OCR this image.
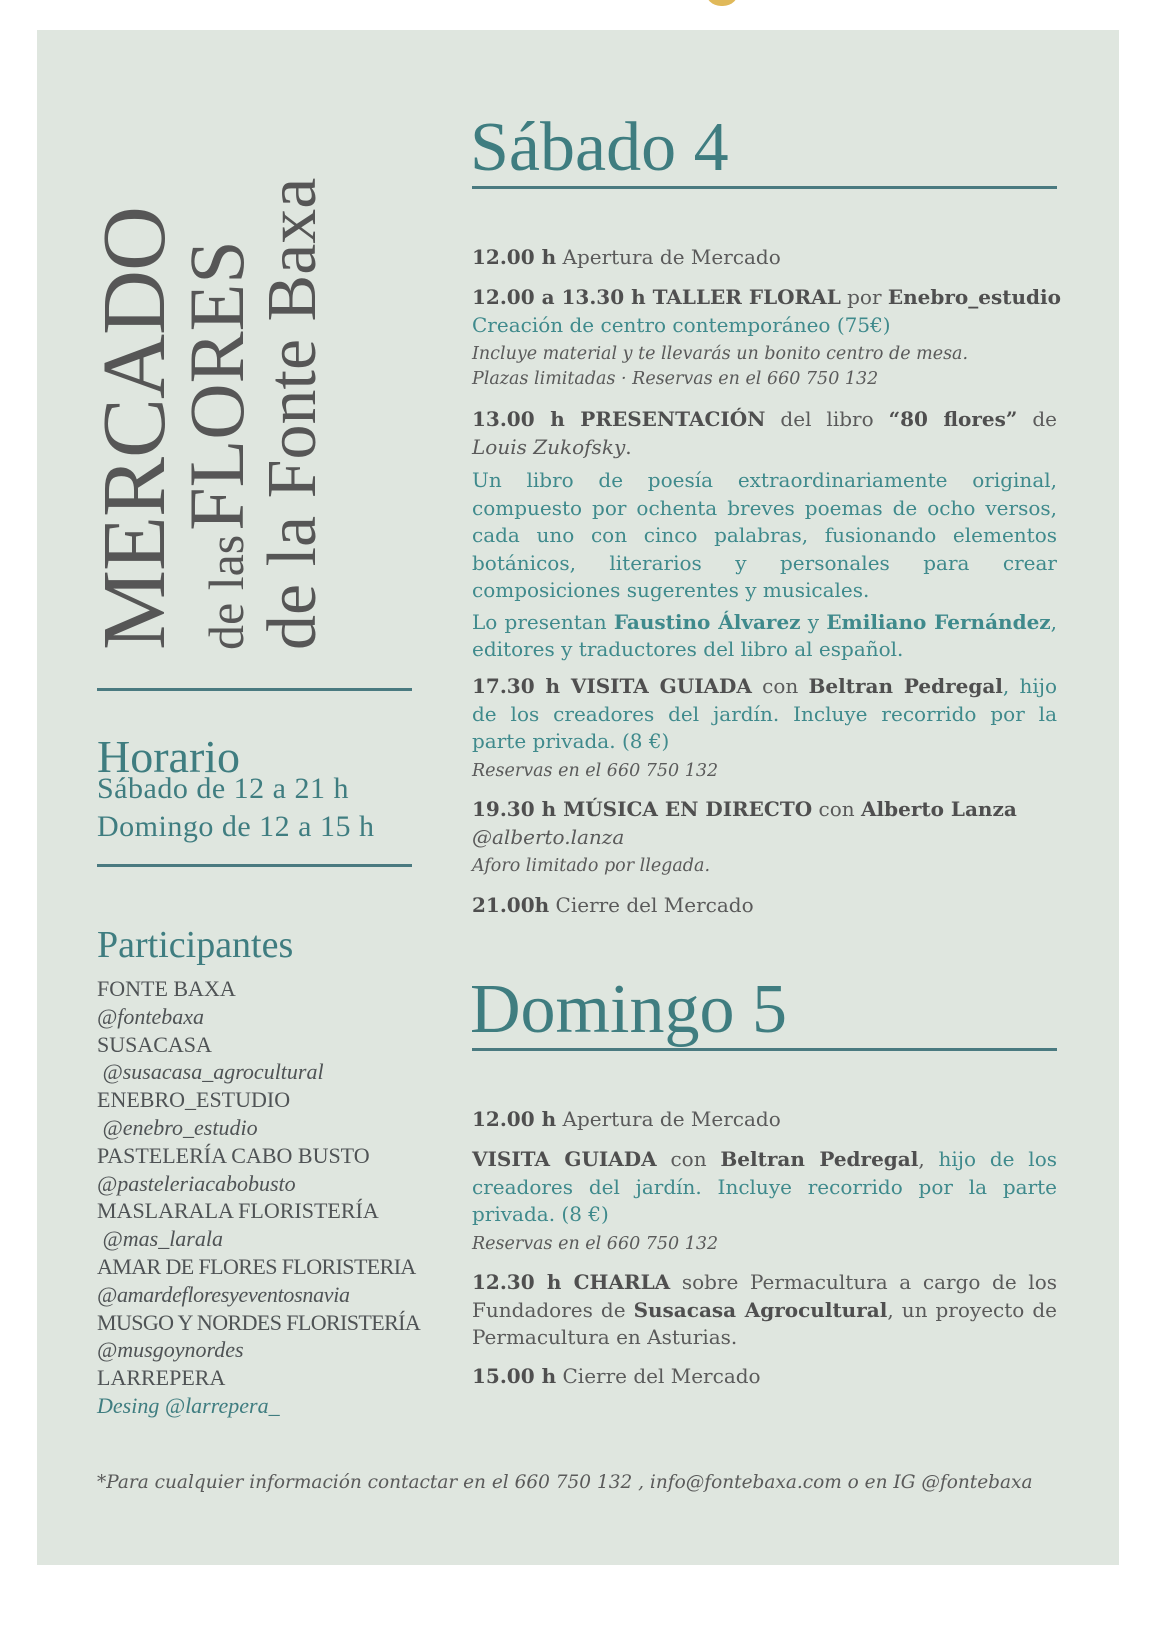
MERCADO de las FLORES
de la Fonte Baxa
Horario
Sábado de 12 a 21 h
Domingo de 12 a 15 h
Participantes
FONTE BAXA
@fontebaxa
SUSACASA
@susacasa_agrocultural
ENEBRO_ESTUDIO
@enebro_estudio
PASTELERÍA CABO BUSTO
@pasteleriacabobusto
MASLARALA FLORISTERÍA
@mas_larala
AMAR DE FLORES FLORISTERIA
@amardefloresyeventosnavia
MUSGO Y NORDES FLORISTERÍA
@musgoynordes
LARREPERA
Desing @larrepera_
Sábado 4

12.00 h Apertura de Mercado

12.00 a 13.30 h TALLER FLORAL por Enebro_estudio

Creación de centro contemporáneo (75€)

Incluye material y te llevarás un bonito centro de mesa.

Plazas limitadas · Reservas en el 660 750 132

13.00 h PRESENTACIÓN del libro “80 flores” de Louis Zukofsky.

Un libro de poesía extraordinariamente original, compuesto por ochenta breves poemas de ocho versos, cada uno con cinco palabras, fusionando elementos botánicos, literarios y personales para crear composiciones sugerentes y musicales.

Lo presentan Faustino Álvarez y Emiliano Fernández, editores y traductores del libro al español.

17.30 h VISITA GUIADA con Beltran Pedregal, hijo de los creadores del jardín. Incluye recorrido por la parte privada. (8 €)

Reservas en el 660 750 132

19.30 h MÚSICA EN DIRECTO con Alberto Lanza

@alberto.lanza

Aforo limitado por llegada.

21.00h Cierre del Mercado

Domingo 5

12.00 h Apertura de Mercado

VISITA GUIADA con Beltran Pedregal, hijo de los creadores del jardín. Incluye recorrido por la parte privada. (8 €)

Reservas en el 660 750 132

12.30 h CHARLA sobre Permacultura a cargo de los Fundadores de Susacasa Agrocultural, un proyecto de Permacultura en Asturias.

15.00 h Cierre del Mercado

*Para cualquier información contactar en el 660 750 132 , info@fontebaxa.com o en IG @fontebaxa
